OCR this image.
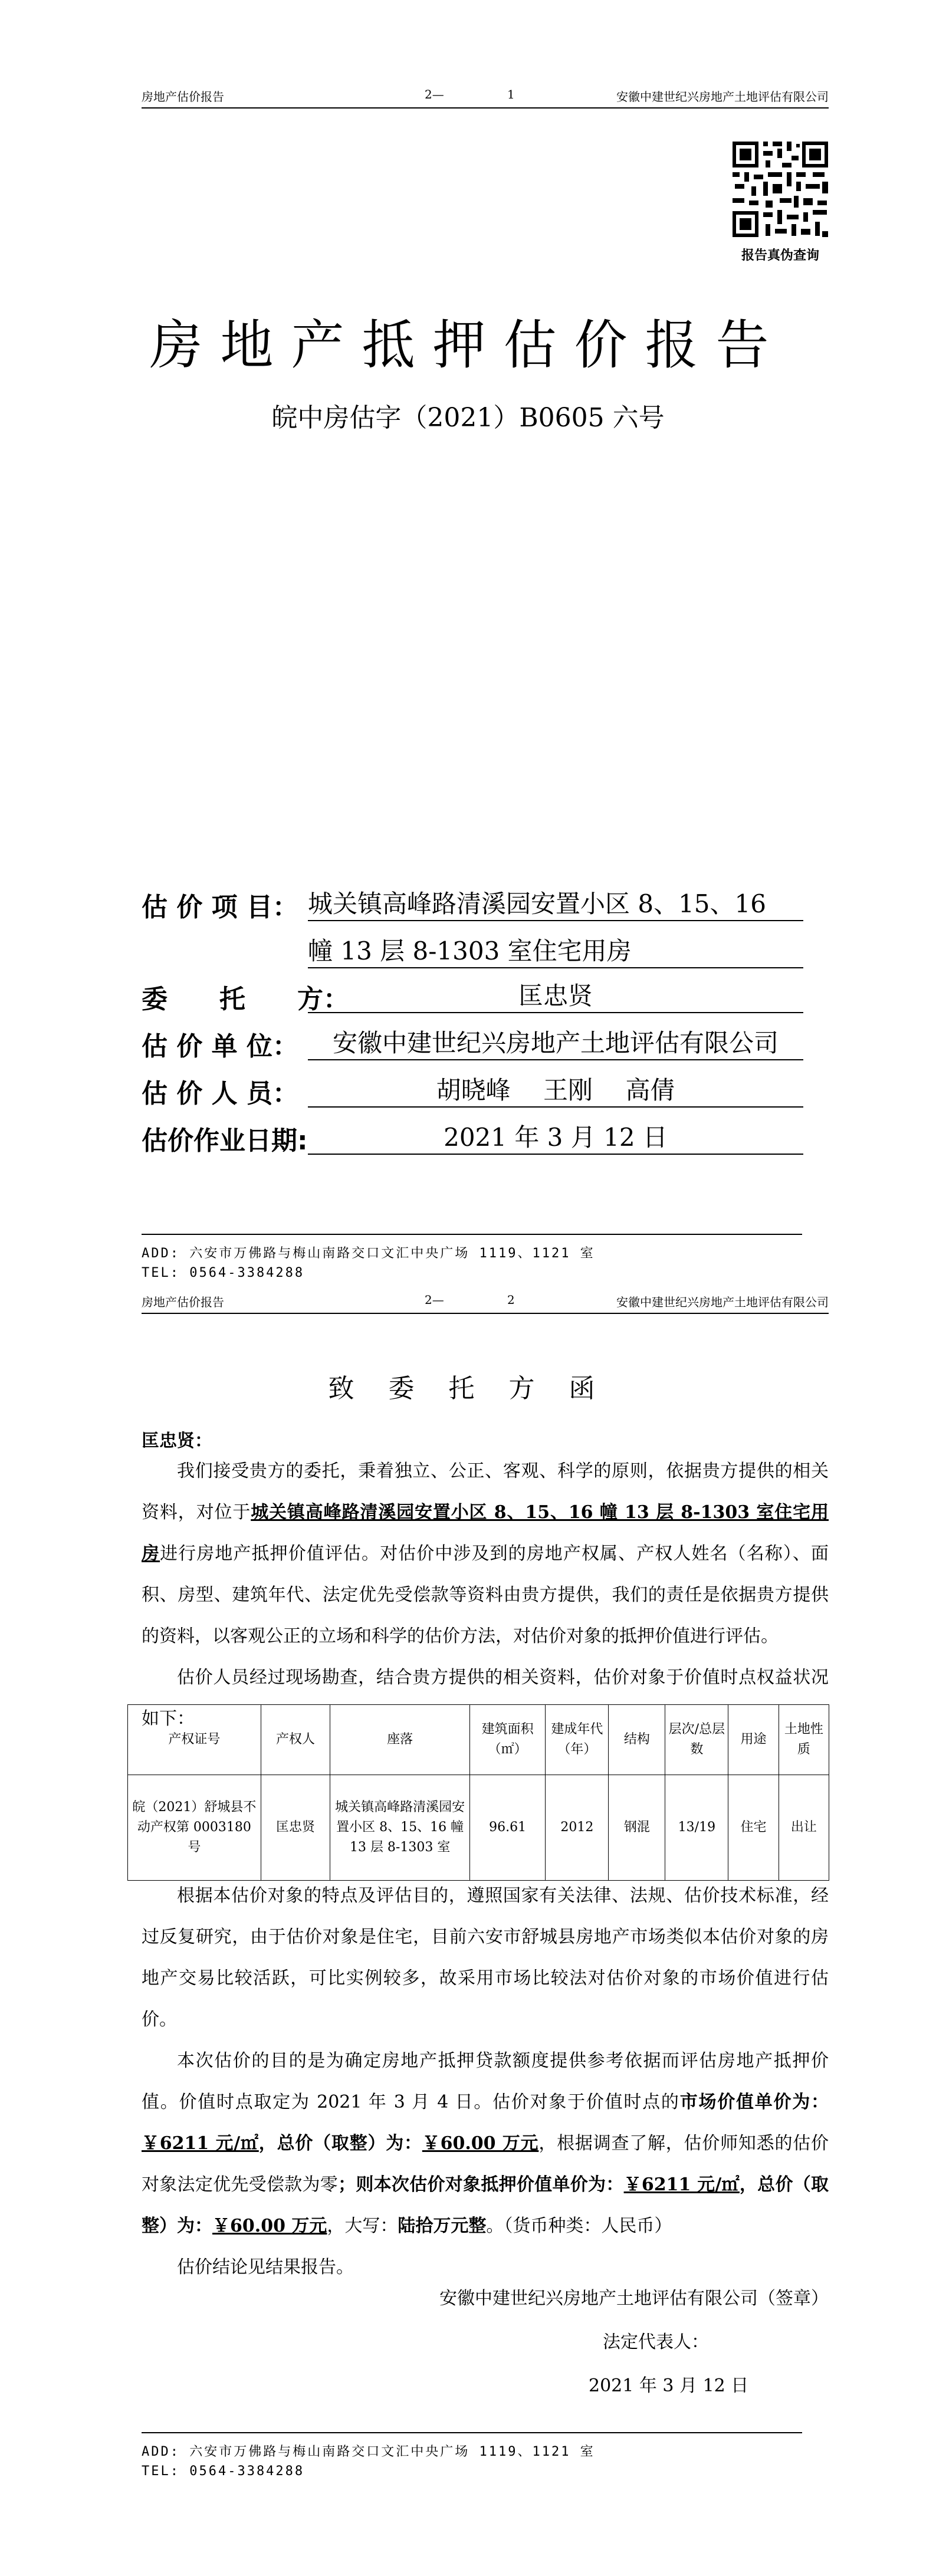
房地产估价报告	2—	1	安徽中建世纪兴房地产土地评估有限公司
报告真伪查询
房地产抵押估价报告
皖中房估字（2021）B0605 六号
估 价 项 目： 城关镇高峰路清溪园安置小区 8、15、16
幢 13 层 8-1303 室住宅用房
委　　托　　方：	匡忠贤
估 价 单 位：	安徽中建世纪兴房地产土地评估有限公司
估 价 人 员：	胡晓峰　 王刚　 高倩
估价作业日期:	2021 年 3 月 12 日
ADD: 六安市万佛路与梅山南路交口文汇中央广场 1119、1121 室
TEL: 0564-3384288
房地产估价报告	2—	2	安徽中建世纪兴房地产土地评估有限公司
致 委 托 方 函
匡忠贤：

我们接受贵方的委托，秉着独立、公正、客观、科学的原则，依据贵方提供的相关资料，对位于城关镇高峰路清溪园安置小区 8、15、16 幢 13 层 8-1303 室住宅用房进行房地产抵押价值评估。对估价中涉及到的房地产权属、产权人姓名（名称）、面积、房型、建筑年代、法定优先受偿款等资料由贵方提供，我们的责任是依据贵方提供的资料，以客观公正的立场和科学的估价方法，对估价对象的抵押价值进行评估。

估价人员经过现场勘查，结合贵方提供的相关资料，估价对象于价值时点权益状况如下：

产权证号	产权人	座落	建筑面积（㎡）	建成年代（年）	结构	层次/总层数	用途	土地性质
皖（2021）舒城县不动产权第 0003180 号	匡忠贤	城关镇高峰路清溪园安置小区 8、15、16 幢 13 层 8-1303 室	96.61	2012	钢混	13/19	住宅	出让

根据本估价对象的特点及评估目的，遵照国家有关法律、法规、估价技术标准，经过反复研究，由于估价对象是住宅，目前六安市舒城县房地产市场类似本估价对象的房地产交易比较活跃，可比实例较多，故采用市场比较法对估价对象的市场价值进行估价。

本次估价的目的是为确定房地产抵押贷款额度提供参考依据而评估房地产抵押价值。价值时点取定为 2021 年 3 月 4 日。估价对象于价值时点的市场价值单价为：￥6211 元/㎡，总价（取整）为：￥60.00 万元，根据调查了解，估价师知悉的估价对象法定优先受偿款为零；则本次估价对象抵押价值单价为：￥6211 元/㎡，总价（取整）为：￥60.00 万元，大写：陆拾万元整。（货币种类：人民币）

估价结论见结果报告。

安徽中建世纪兴房地产土地评估有限公司（签章）
法定代表人：
2021 年 3 月 12 日
ADD: 六安市万佛路与梅山南路交口文汇中央广场 1119、1121 室
TEL: 0564-3384288
